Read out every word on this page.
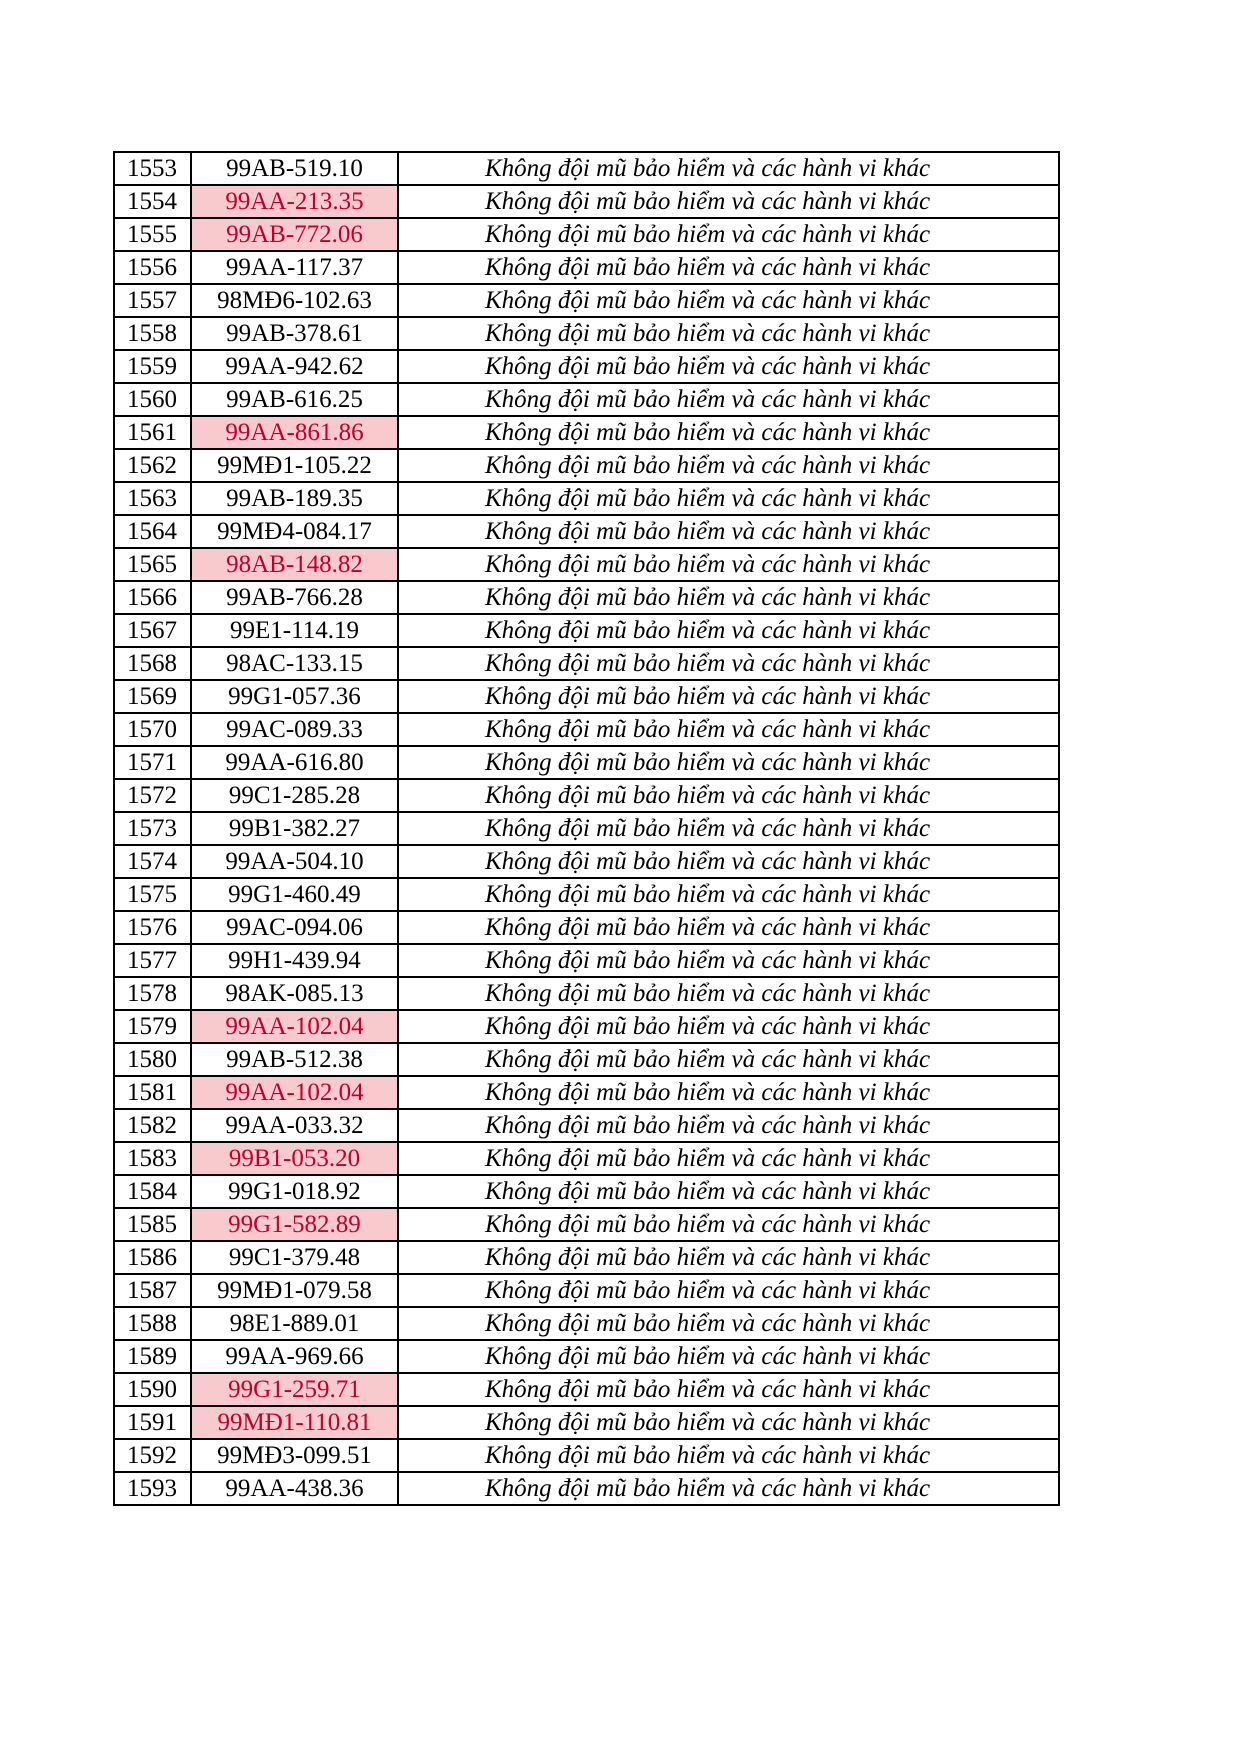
1553	99AB-519.10	Không đội mũ bảo hiểm và các hành vi khác
1554	99AA-213.35	Không đội mũ bảo hiểm và các hành vi khác
1555	99AB-772.06	Không đội mũ bảo hiểm và các hành vi khác
1556	99AA-117.37	Không đội mũ bảo hiểm và các hành vi khác
1557	98MĐ6-102.63	Không đội mũ bảo hiểm và các hành vi khác
1558	99AB-378.61	Không đội mũ bảo hiểm và các hành vi khác
1559	99AA-942.62	Không đội mũ bảo hiểm và các hành vi khác
1560	99AB-616.25	Không đội mũ bảo hiểm và các hành vi khác
1561	99AA-861.86	Không đội mũ bảo hiểm và các hành vi khác
1562	99MĐ1-105.22	Không đội mũ bảo hiểm và các hành vi khác
1563	99AB-189.35	Không đội mũ bảo hiểm và các hành vi khác
1564	99MĐ4-084.17	Không đội mũ bảo hiểm và các hành vi khác
1565	98AB-148.82	Không đội mũ bảo hiểm và các hành vi khác
1566	99AB-766.28	Không đội mũ bảo hiểm và các hành vi khác
1567	99E1-114.19	Không đội mũ bảo hiểm và các hành vi khác
1568	98AC-133.15	Không đội mũ bảo hiểm và các hành vi khác
1569	99G1-057.36	Không đội mũ bảo hiểm và các hành vi khác
1570	99AC-089.33	Không đội mũ bảo hiểm và các hành vi khác
1571	99AA-616.80	Không đội mũ bảo hiểm và các hành vi khác
1572	99C1-285.28	Không đội mũ bảo hiểm và các hành vi khác
1573	99B1-382.27	Không đội mũ bảo hiểm và các hành vi khác
1574	99AA-504.10	Không đội mũ bảo hiểm và các hành vi khác
1575	99G1-460.49	Không đội mũ bảo hiểm và các hành vi khác
1576	99AC-094.06	Không đội mũ bảo hiểm và các hành vi khác
1577	99H1-439.94	Không đội mũ bảo hiểm và các hành vi khác
1578	98AK-085.13	Không đội mũ bảo hiểm và các hành vi khác
1579	99AA-102.04	Không đội mũ bảo hiểm và các hành vi khác
1580	99AB-512.38	Không đội mũ bảo hiểm và các hành vi khác
1581	99AA-102.04	Không đội mũ bảo hiểm và các hành vi khác
1582	99AA-033.32	Không đội mũ bảo hiểm và các hành vi khác
1583	99B1-053.20	Không đội mũ bảo hiểm và các hành vi khác
1584	99G1-018.92	Không đội mũ bảo hiểm và các hành vi khác
1585	99G1-582.89	Không đội mũ bảo hiểm và các hành vi khác
1586	99C1-379.48	Không đội mũ bảo hiểm và các hành vi khác
1587	99MĐ1-079.58	Không đội mũ bảo hiểm và các hành vi khác
1588	98E1-889.01	Không đội mũ bảo hiểm và các hành vi khác
1589	99AA-969.66	Không đội mũ bảo hiểm và các hành vi khác
1590	99G1-259.71	Không đội mũ bảo hiểm và các hành vi khác
1591	99MĐ1-110.81	Không đội mũ bảo hiểm và các hành vi khác
1592	99MĐ3-099.51	Không đội mũ bảo hiểm và các hành vi khác
1593	99AA-438.36	Không đội mũ bảo hiểm và các hành vi khác
